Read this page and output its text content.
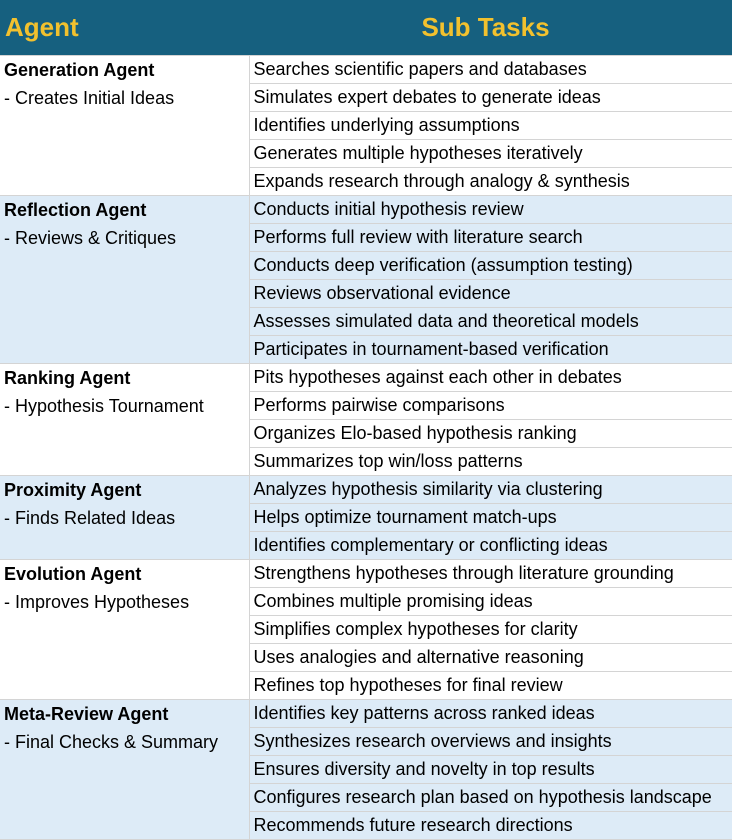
Agent	Sub Tasks

Generation Agent
- Creates Initial Ideas	Searches scientific papers and databases
	Simulates expert debates to generate ideas
	Identifies underlying assumptions
	Generates multiple hypotheses iteratively
	Expands research through analogy & synthesis

Reflection Agent
- Reviews & Critiques	Conducts initial hypothesis review
	Performs full review with literature search
	Conducts deep verification (assumption testing)
	Reviews observational evidence
	Assesses simulated data and theoretical models
	Participates in tournament-based verification

Ranking Agent
- Hypothesis Tournament	Pits hypotheses against each other in debates
	Performs pairwise comparisons
	Organizes Elo-based hypothesis ranking
	Summarizes top win/loss patterns

Proximity Agent
- Finds Related Ideas	Analyzes hypothesis similarity via clustering
	Helps optimize tournament match-ups
	Identifies complementary or conflicting ideas

Evolution Agent
- Improves Hypotheses	Strengthens hypotheses through literature grounding
	Combines multiple promising ideas
	Simplifies complex hypotheses for clarity
	Uses analogies and alternative reasoning
	Refines top hypotheses for final review

Meta-Review Agent
- Final Checks & Summary	Identifies key patterns across ranked ideas
	Synthesizes research overviews and insights
	Ensures diversity and novelty in top results
	Configures research plan based on hypothesis landscape
	Recommends future research directions
